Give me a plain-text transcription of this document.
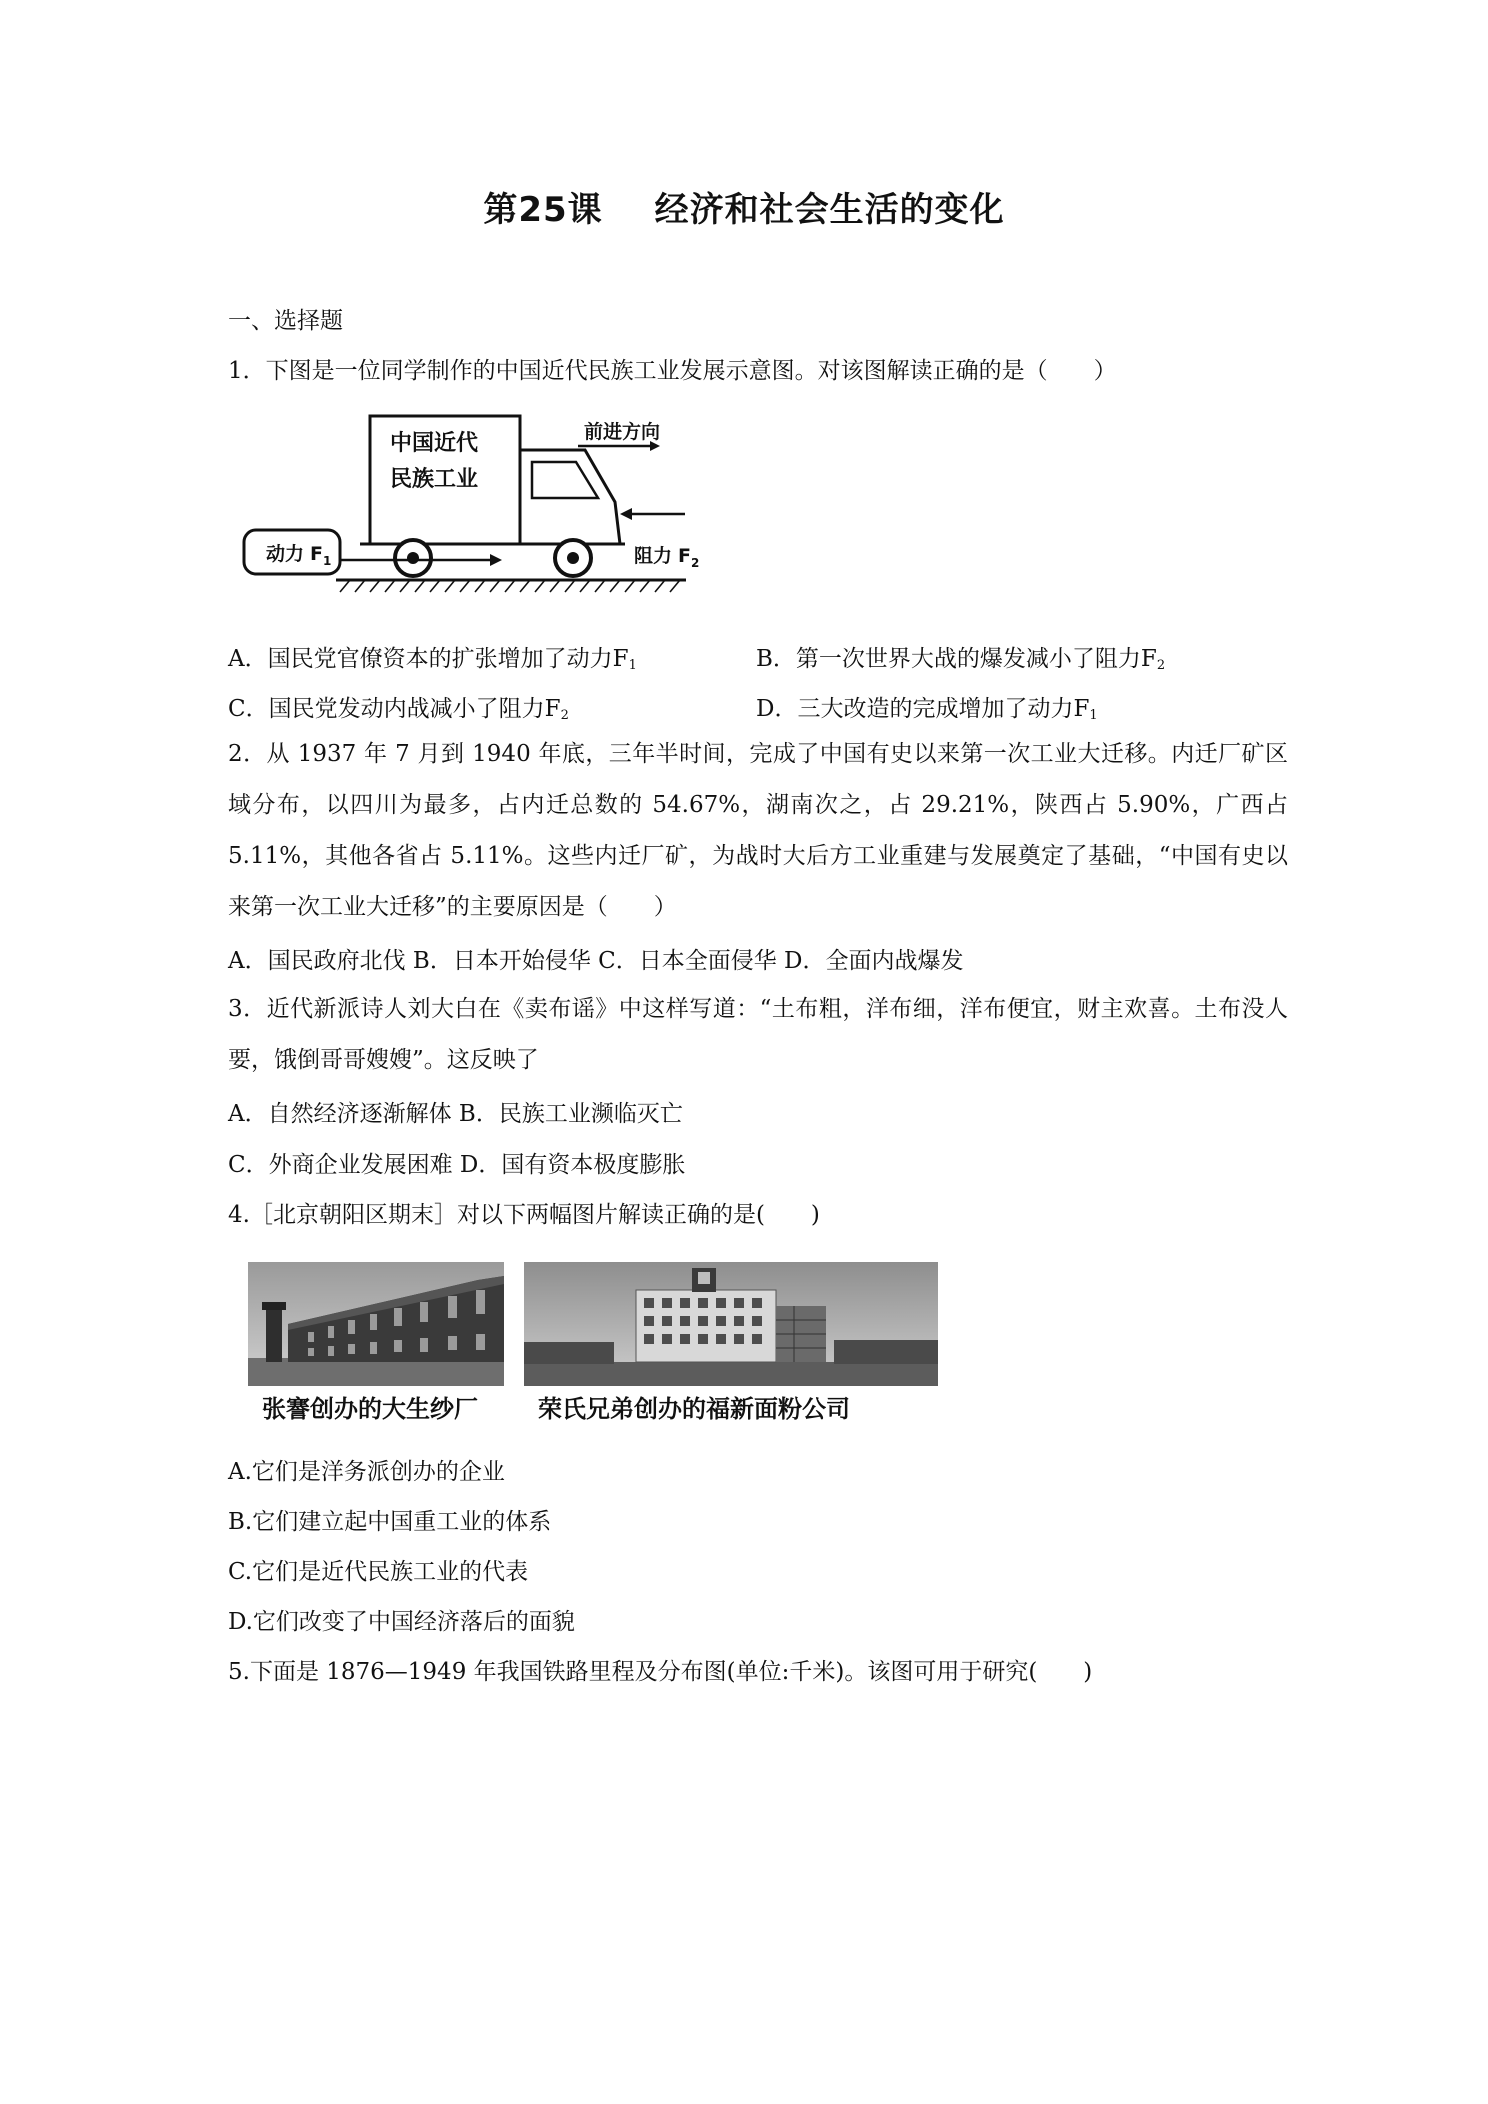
第25课 经济和社会生活的变化
一、选择题
1．下图是一位同学制作的中国近代民族工业发展示意图。对该图解读正确的是（　　）
中国近代
民族工业
前进方向
动力 $F_1$	阻力 $F_2$
A．国民党官僚资本的扩张增加了动力$F_1$	B．第一次世界大战的爆发减小了阻力$F_2$
C．国民党发动内战减小了阻力$F_2$	D．三大改造的完成增加了动力$F_1$
2．从 1937 年 7 月到 1940 年底，三年半时间，完成了中国有史以来第一次工业大迁移。内迁厂矿区域分布，以四川为最多，占内迁总数的 54.67%，湖南次之，占 29.21%，陕西占 5.90%，广西占 5.11%，其他各省占 5.11%。这些内迁厂矿，为战时大后方工业重建与发展奠定了基础，“中国有史以来第一次工业大迁移”的主要原因是（　　）
A．国民政府北伐 B．日本开始侵华 C．日本全面侵华 D．全面内战爆发
3．近代新派诗人刘大白在《卖布谣》中这样写道：“土布粗，洋布细，洋布便宜，财主欢喜。土布没人要，饿倒哥哥嫂嫂”。这反映了
A．自然经济逐渐解体 B．民族工业濒临灭亡
C．外商企业发展困难 D．国有资本极度膨胀
4.［北京朝阳区期末］对以下两幅图片解读正确的是(　　)
张謇创办的大生纱厂	荣氏兄弟创办的福新面粉公司
A.它们是洋务派创办的企业
B.它们建立起中国重工业的体系
C.它们是近代民族工业的代表
D.它们改变了中国经济落后的面貌
5.下面是 1876—1949 年我国铁路里程及分布图(单位:千米)。该图可用于研究(　　)
